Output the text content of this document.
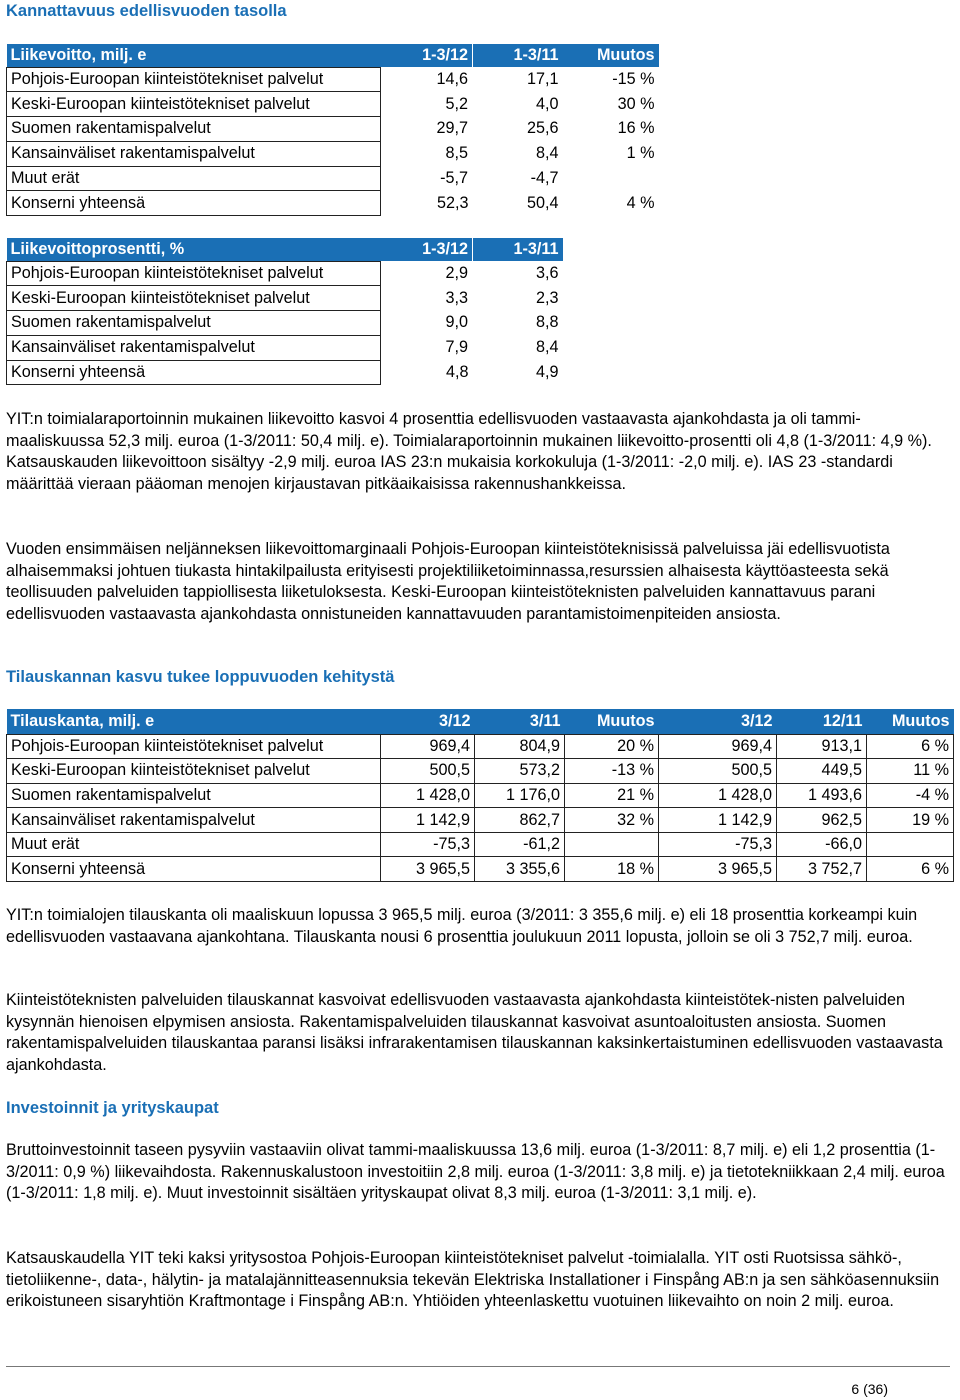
Kannattavuus edellisvuoden tasolla
Liikevoitto, milj. e	1-3/12	1-3/11	Muutos
Pohjois-Euroopan kiinteistötekniset palvelut	14,6	17,1	-15 %
Keski-Euroopan kiinteistötekniset palvelut	5,2	4,0	30 %
Suomen rakentamispalvelut	29,7	25,6	16 %
Kansainväliset rakentamispalvelut	8,5	8,4	1 %
Muut erät	-5,7	-4,7	
Konserni yhteensä	52,3	50,4	4 %
Liikevoittoprosentti, %	1-3/12	1-3/11
Pohjois-Euroopan kiinteistötekniset palvelut	2,9	3,6
Keski-Euroopan kiinteistötekniset palvelut	3,3	2,3
Suomen rakentamispalvelut	9,0	8,8
Kansainväliset rakentamispalvelut	7,9	8,4
Konserni yhteensä	4,8	4,9

YIT:n toimialaraportoinnin mukainen liikevoitto kasvoi 4 prosenttia edellisvuoden vastaavasta ajankohdasta ja oli tammi-maaliskuussa 52,3 milj. euroa (1-3/2011: 50,4 milj. e). Toimialaraportoinnin mukainen liikevoitto-prosentti oli 4,8 (1-3/2011: 4,9 %). Katsauskauden liikevoittoon sisältyy -2,9 milj. euroa IAS 23:n mukaisia korkokuluja (1-3/2011: -2,0 milj. e). IAS 23 -standardi määrittää vieraan pääoman menojen kirjaustavan pitkäaikaisissa rakennushankkeissa.

Vuoden ensimmäisen neljänneksen liikevoittomarginaali Pohjois-Euroopan kiinteistöteknisissä palveluissa jäi edellisvuotista alhaisemmaksi johtuen tiukasta hintakilpailusta erityisesti projektiliiketoiminnassa,resurssien alhaisesta käyttöasteesta sekä teollisuuden palveluiden tappiollisesta liiketuloksesta. Keski-Euroopan kiinteistöteknisten palveluiden kannattavuus parani edellisvuoden vastaavasta ajankohdasta onnistuneiden kannattavuuden parantamistoimenpiteiden ansiosta.

Tilauskannan kasvu tukee loppuvuoden kehitystä
Tilauskanta, milj. e	3/12	3/11	Muutos	3/12	12/11	Muutos
Pohjois-Euroopan kiinteistötekniset palvelut	969,4	804,9	20 %	969,4	913,1	6 %
Keski-Euroopan kiinteistötekniset palvelut	500,5	573,2	-13 %	500,5	449,5	11 %
Suomen rakentamispalvelut	1 428,0	1 176,0	21 %	1 428,0	1 493,6	-4 %
Kansainväliset rakentamispalvelut	1 142,9	862,7	32 %	1 142,9	962,5	19 %
Muut erät	-75,3	-61,2		-75,3	-66,0	
Konserni yhteensä	3 965,5	3 355,6	18 %	3 965,5	3 752,7	6 %

YIT:n toimialojen tilauskanta oli maaliskuun lopussa 3 965,5 milj. euroa (3/2011: 3 355,6 milj. e) eli 18 prosenttia korkeampi kuin edellisvuoden vastaavana ajankohtana. Tilauskanta nousi 6 prosenttia joulukuun 2011 lopusta, jolloin se oli 3 752,7 milj. euroa.

Kiinteistöteknisten palveluiden tilauskannat kasvoivat edellisvuoden vastaavasta ajankohdasta kiinteistötek-nisten palveluiden kysynnän hienoisen elpymisen ansiosta. Rakentamispalveluiden tilauskannat kasvoivat asuntoaloitusten ansiosta. Suomen rakentamispalveluiden tilauskantaa paransi lisäksi infrarakentamisen tilauskannan kaksinkertaistuminen edellisvuoden vastaavasta ajankohdasta.

Investoinnit ja yrityskaupat

Bruttoinvestoinnit taseen pysyviin vastaaviin olivat tammi-maaliskuussa 13,6 milj. euroa (1-3/2011: 8,7 milj. e) eli 1,2 prosenttia (1-3/2011: 0,9 %) liikevaihdosta. Rakennuskalustoon investoitiin 2,8 milj. euroa (1-3/2011: 3,8 milj. e) ja tietotekniikkaan 2,4 milj. euroa (1-3/2011: 1,8 milj. e). Muut investoinnit sisältäen yrityskaupat olivat 8,3 milj. euroa (1-3/2011: 3,1 milj. e).

Katsauskaudella YIT teki kaksi yritysostoa Pohjois-Euroopan kiinteistötekniset palvelut -toimialalla. YIT osti Ruotsissa sähkö-, tietoliikenne-, data-, hälytin- ja matalajännitteasennuksia tekevän Elektriska Installationer i Finspång AB:n ja sen sähköasennuksiin erikoistuneen sisaryhtiön Kraftmontage i Finspång AB:n. Yhtiöiden yhteenlaskettu vuotuinen liikevaihto on noin 2 milj. euroa.

6 (36)
